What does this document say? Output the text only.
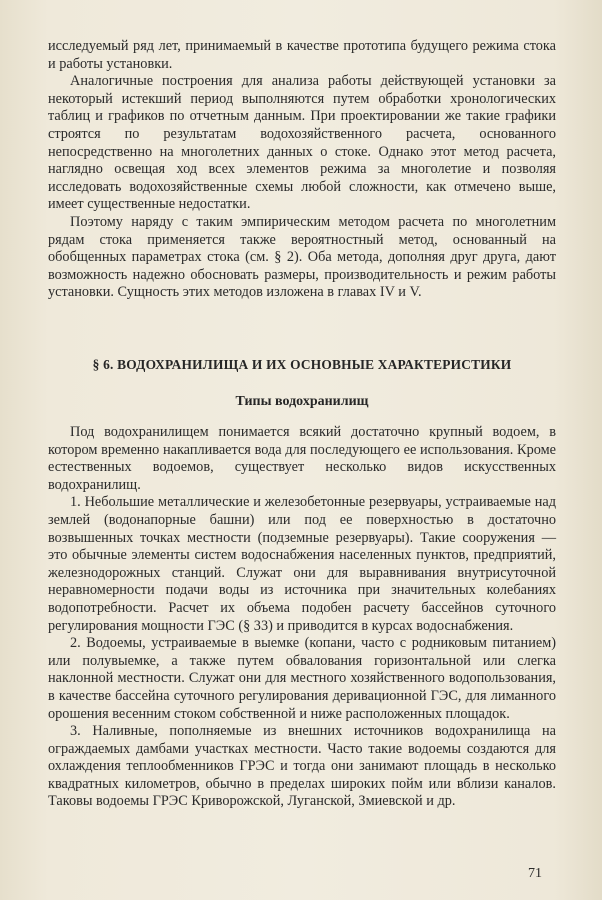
исследуемый ряд лет, принимаемый в качестве прототипа будущего режима стока и работы установки.

Аналогичные построения для анализа работы действующей установки за некоторый истекший период выполняются путем обработки хронологических таблиц и графиков по отчетным данным. При проектировании же такие графики строятся по результатам водохозяйственного расчета, основанного непосредственно на многолетних данных о стоке. Однако этот метод расчета, наглядно освещая ход всех элементов режима за многолетие и позволяя исследовать водохозяйственные схемы любой сложности, как отмечено выше, имеет существенные недостатки.

Поэтому наряду с таким эмпирическим методом расчета по многолетним рядам стока применяется также вероятностный метод, основанный на обобщенных параметрах стока (см. § 2). Оба метода, дополняя друг друга, дают возможность надежно обосновать размеры, производительность и режим работы установки. Сущность этих методов изложена в главах IV и V.

§ 6. ВОДОХРАНИЛИЩА И ИХ ОСНОВНЫЕ ХАРАКТЕРИСТИКИ
Типы водохранилищ

Под водохранилищем понимается всякий достаточно крупный водоем, в котором временно накапливается вода для последующего ее использования. Кроме естественных водоемов, существует несколько видов искусственных водохранилищ.

1. Небольшие металлические и железобетонные резервуары, устраиваемые над землей (водонапорные башни) или под ее поверхностью в достаточно возвышенных точках местности (подземные резервуары). Такие сооружения — это обычные элементы систем водоснабжения населенных пунктов, предприятий, железнодорожных станций. Служат они для выравнивания внутрисуточной неравномерности подачи воды из источника при значительных колебаниях водопотребности. Расчет их объема подобен расчету бассейнов суточного регулирования мощности ГЭС (§ 33) и приводится в курсах водоснабжения.

2. Водоемы, устраиваемые в выемке (копани, часто с родниковым питанием) или полувыемке, а также путем обвалования горизонтальной или слегка наклонной местности. Служат они для местного хозяйственного водопользования, в качестве бассейна суточного регулирования деривационной ГЭС, для лиманного орошения весенним стоком собственной и ниже расположенных площадок.

3. Наливные, пополняемые из внешних источников водохранилища на ограждаемых дамбами участках местности. Часто такие водоемы создаются для охлаждения теплообменников ГРЭС и тогда они занимают площадь в несколько квадратных километров, обычно в пределах широких пойм или вблизи каналов. Таковы водоемы ГРЭС Криворожской, Луганской, Змиевской и др.

71
